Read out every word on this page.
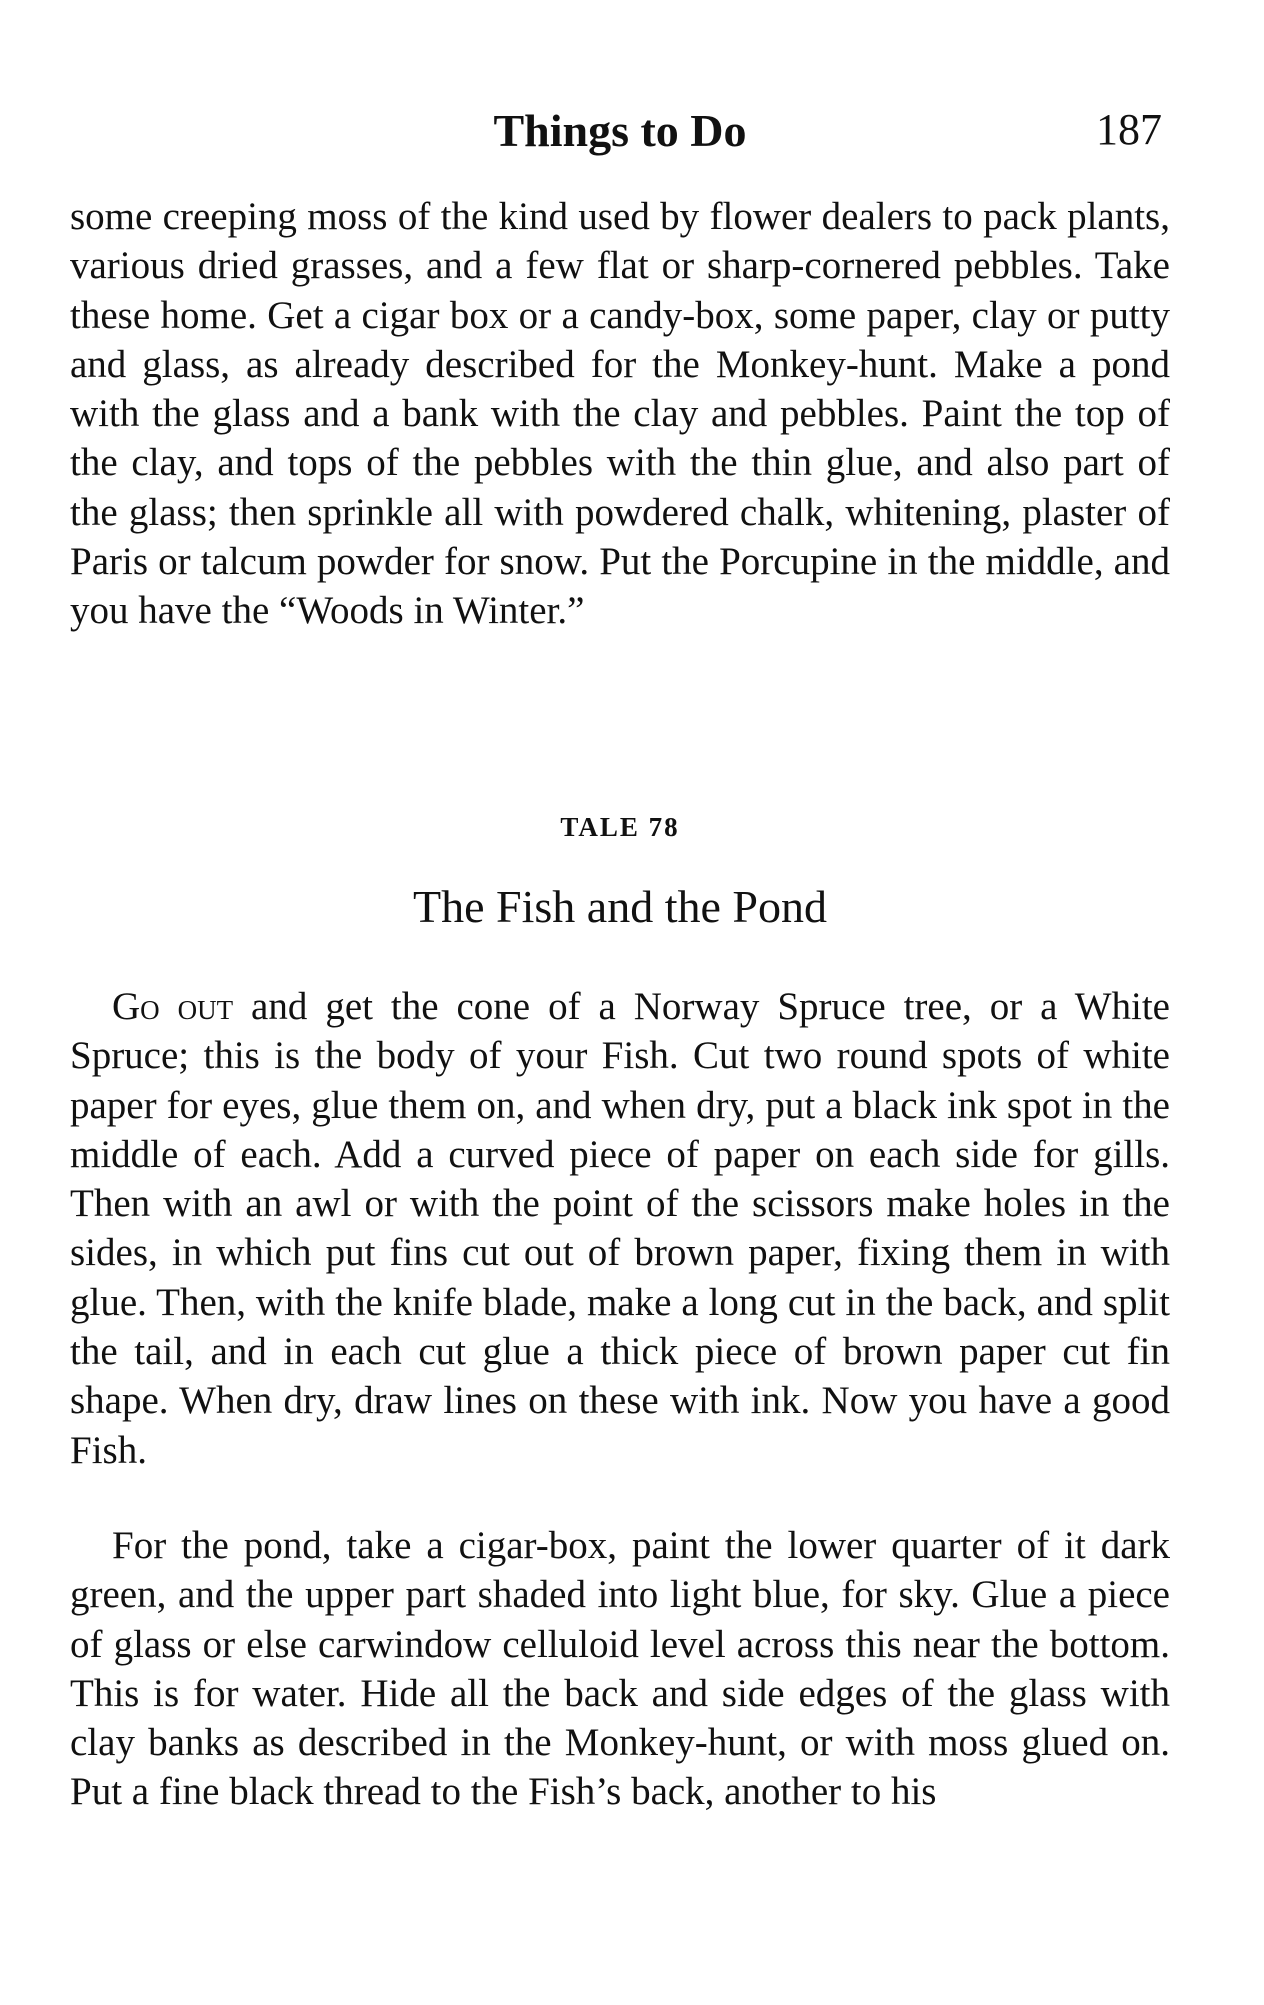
Things to Do	187

some creeping moss of the kind used by flower dealers to pack plants, various dried grasses, and a few flat or sharp-cornered pebbles. Take these home. Get a cigar box or a candy-box, some paper, clay or putty and glass, as already described for the Monkey-hunt. Make a pond with the glass and a bank with the clay and pebbles. Paint the top of the clay, and tops of the pebbles with the thin glue, and also part of the glass; then sprinkle all with powdered chalk, whitening, plaster of Paris or talcum powder for snow. Put the Porcupine in the middle, and you have the “Woods in Winter.”

TALE 78
The Fish and the Pond

Go out and get the cone of a Norway Spruce tree, or a White Spruce; this is the body of your Fish. Cut two round spots of white paper for eyes, glue them on, and when dry, put a black ink spot in the middle of each. Add a curved piece of paper on each side for gills. Then with an awl or with the point of the scissors make holes in the sides, in which put fins cut out of brown paper, fixing them in with glue. Then, with the knife blade, make a long cut in the back, and split the tail, and in each cut glue a thick piece of brown paper cut fin shape. When dry, draw lines on these with ink. Now you have a good Fish.

For the pond, take a cigar-box, paint the lower quarter of it dark green, and the upper part shaded into light blue, for sky. Glue a piece of glass or else carwindow celluloid level across this near the bottom. This is for water. Hide all the back and side edges of the glass with clay banks as described in the Monkey-hunt, or with moss glued on. Put a fine black thread to the Fish’s back, another to his
